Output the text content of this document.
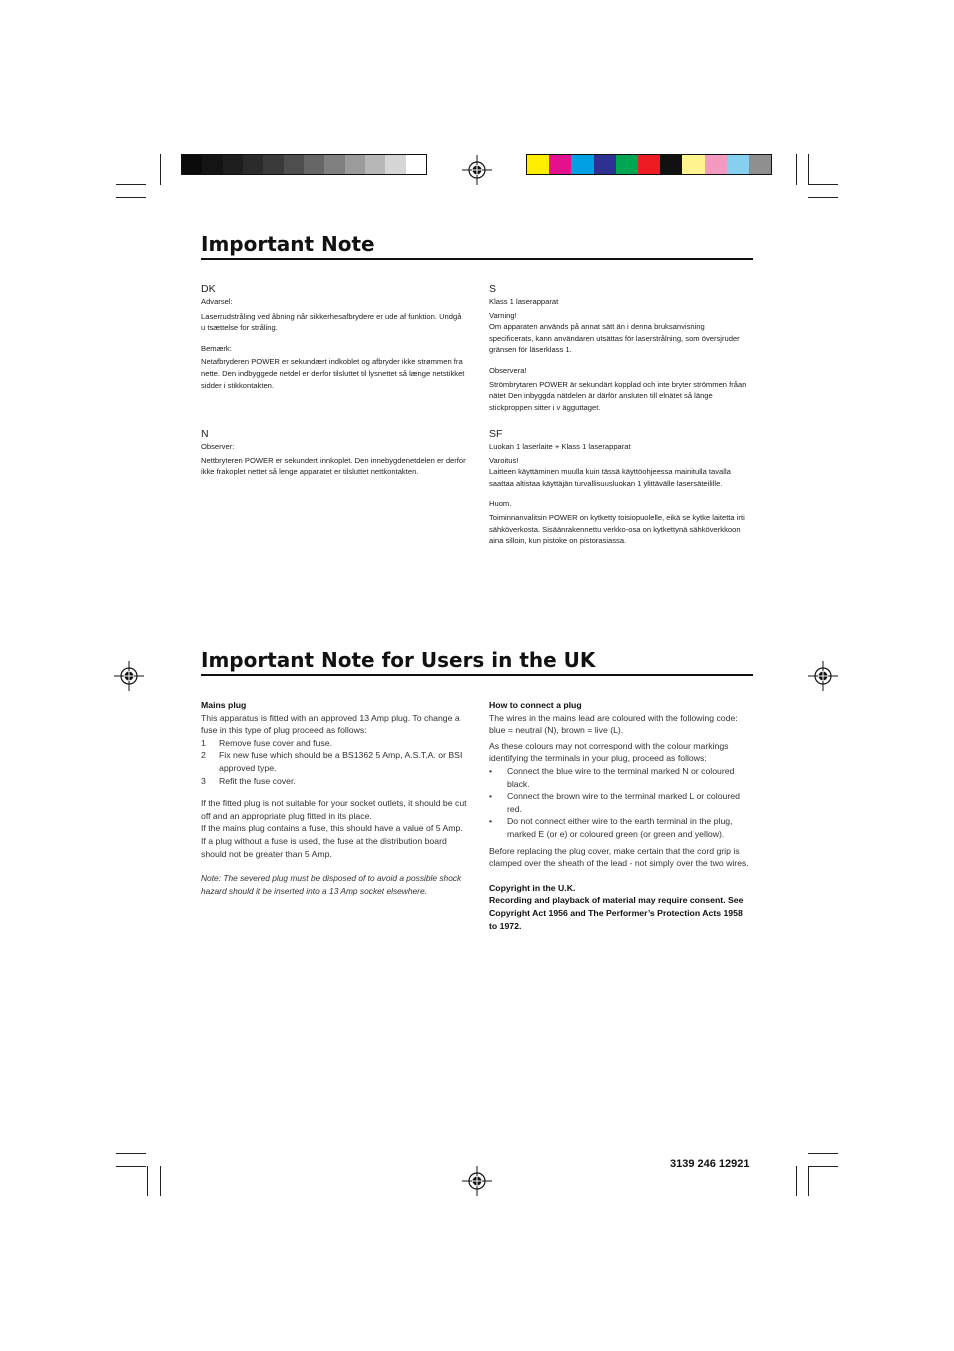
Important Note
DK

Advarsel:

Laserrudstråling ved åbning når sikkerhesafbrydere er ude af funktion. Undgå u tsættelse for stråling.

Bemærk:

Netafbryderen POWER er sekundært indkoblet og afbryder ikke strømmen fra nette. Den indbyggede netdel er derfor tilsluttet til lysnettet så længe netstikket sidder i stikkontakten.

N

Observer:

Nettbryteren POWER er sekundert innkoplet. Den innebygdenetdelen er derfor ikke frakoplet nettet så lenge apparatet er tilsluttet nettkontakten.

S

Klass 1 laserapparat

Varning!

Om apparaten används på annat sätt än i denna bruksanvisning specificerats, kann användaren utsättas för laserstrålning, som översjruder gränsen för läserklass 1.

Observera!

Strömbrytaren POWER är sekundärt kopplad och inte bryter strömmen fråan nätet Den inbyggda nätdelen är därför ansluten till elnätet så länge stickproppen sitter i v ägguttaget.

SF

Luokan 1 laserlaite + Klass 1 laserapparat

Varoitus!

Laitteen käyttäminen muulla kuin tässä käyttöohjeessa mainitulla tavalla saattaa altistaa käyttäjän turvallisuusluokan 1 ylittävälle lasersäteilille.

Huom.

Toiminnanvalitsin POWER on kytketty toisiopuolelle, eikä se kytke laitetta irti sähköverkosta. Sisäänrakennettu verkko-osa on kytkettynä sähköverkkoon aina silloin, kun pistoke on pistorasiassa.

Important Note for Users in the UK

Mains plug

This apparatus is fitted with an approved 13 Amp plug. To change a fuse in this type of plug proceed as follows:

1 Remove fuse cover and fuse.
2 Fix new fuse which should be a BS1362 5 Amp, A.S.T.A. or BSI approved type.
3 Refit the fuse cover.

If the fitted plug is not suitable for your socket outlets, it should be cut off and an appropriate plug fitted in its place.

If the mains plug contains a fuse, this should have a value of 5 Amp. If a plug without a fuse is used, the fuse at the distribution board should not be greater than 5 Amp.

Note: The severed plug must be disposed of to avoid a possible shock hazard should it be inserted into a 13 Amp socket elsewhere.

How to connect a plug

The wires in the mains lead are coloured with the following code: blue = neutral (N), brown = live (L).

As these colours may not correspond with the colour markings identifying the terminals in your plug, proceed as follows:

• Connect the blue wire to the terminal marked N or coloured black.
• Connect the brown wire to the terminal marked L or coloured red.
• Do not connect either wire to the earth terminal in the plug, marked E (or e) or coloured green (or green and yellow).

Before replacing the plug cover, make certain that the cord grip is clamped over the sheath of the lead - not simply over the two wires.

Copyright in the U.K.

Recording and playback of material may require consent. See Copyright Act 1956 and The Performer’s Protection Acts 1958 to 1972.

3139 246 12921
